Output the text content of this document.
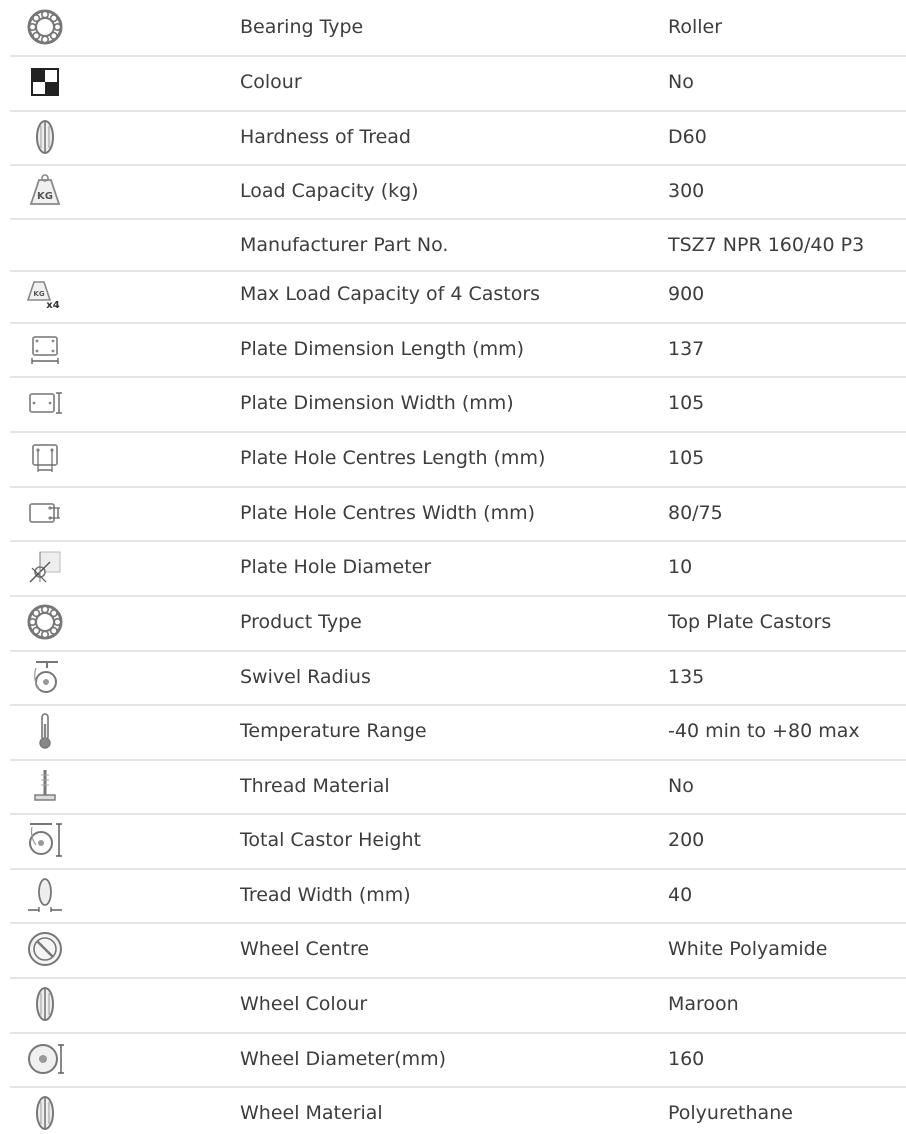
Bearing Type	Roller
Colour	No
Hardness of Tread	D60
KG	Load Capacity (kg)	300
Manufacturer Part No.	TSZ7 NPR 160/40 P3
KG
x4
Max Load Capacity of 4 Castors	900
Plate Dimension Length (mm)	137
Plate Dimension Width (mm)	105
Plate Hole Centres Length (mm)	105
Plate Hole Centres Width (mm)	80/75
Plate Hole Diameter	10
Product Type	Top Plate Castors
Swivel Radius	135
Temperature Range	-40 min to +80 max
Thread Material	No
Total Castor Height	200
Tread Width (mm)	40
Wheel Centre	White Polyamide
Wheel Colour	Maroon
Wheel Diameter(mm)	160
Wheel Material	Polyurethane
